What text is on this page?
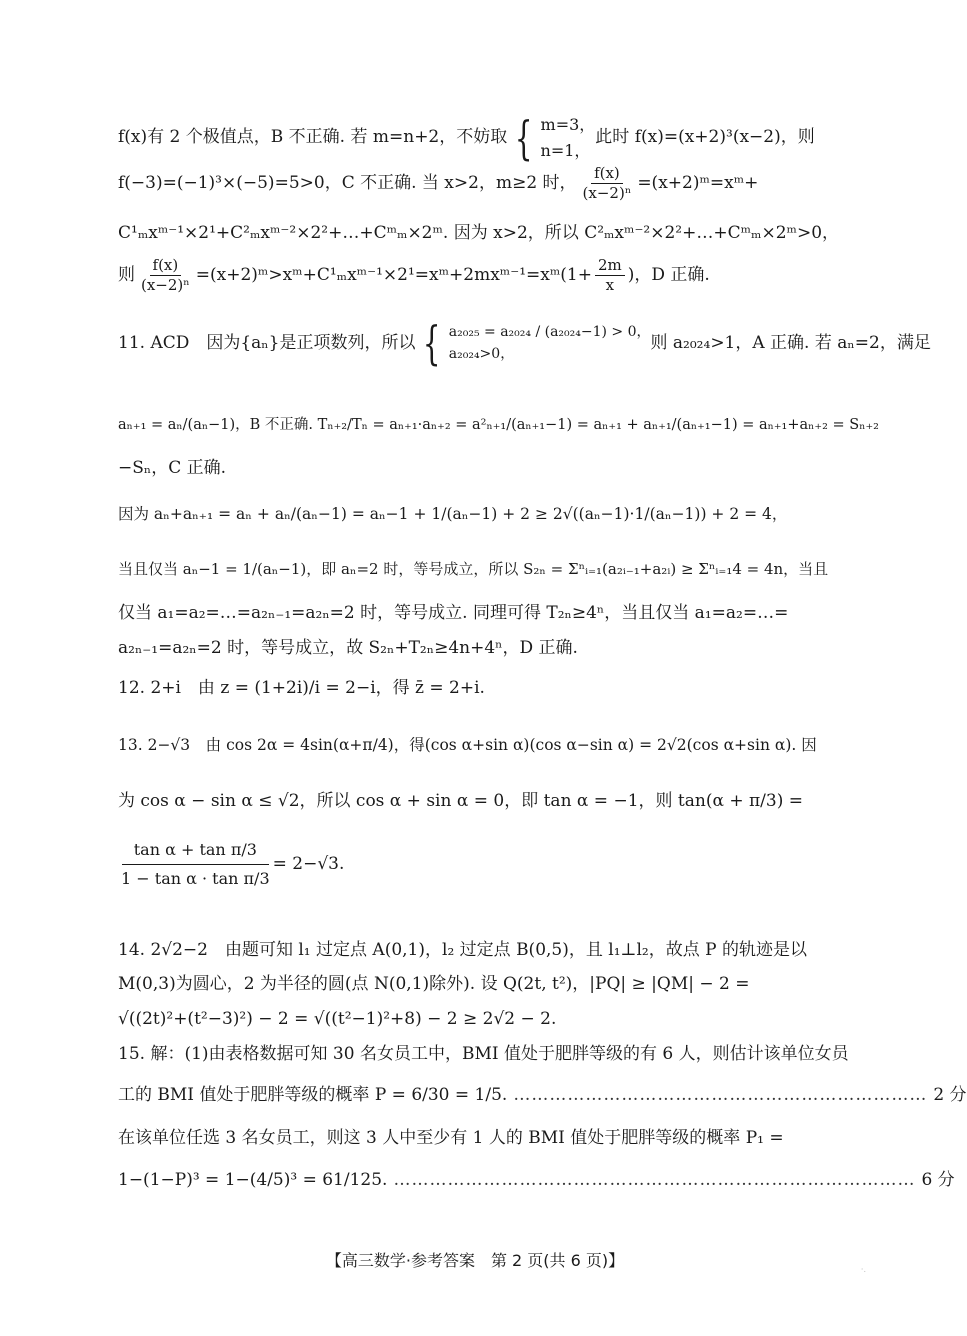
f(x)有 2 个极值点，B 不正确. 若 m=n+2，不妨取 { m=3，
n=1，
此时 f(x)=(x+2)³(x−2)，则
f(−3)=(−1)³×(−5)=5>0，C 不正确. 当 x>2，m≥2 时， $\frac{f(x)}{\text{(x−2)ⁿ}}$ =(x+2)ᵐ=xᵐ+
C¹ₘxᵐ⁻¹×2¹+C²ₘxᵐ⁻²×2²+…+Cᵐₘ×2ᵐ. 因为 x>2，所以 C²ₘxᵐ⁻²×2²+…+Cᵐₘ×2ᵐ>0，
则 $\frac{f(x)}{\text{(x−2)ⁿ}}$ =(x+2)ᵐ>xᵐ+C¹ₘxᵐ⁻¹×2¹=xᵐ+2mxᵐ⁻¹=xᵐ(1+ $\frac{2m}{x}$ )，D 正确.
11. ACD　因为{aₙ}是正项数列，所以 { a₂₀₂₅ = a₂₀₂₄ / (a₂₀₂₄−1) > 0，
a₂₀₂₄>0，
则 a₂₀₂₄>1，A 正确. 若 aₙ=2，满足
aₙ₊₁ = aₙ/(aₙ−1)，B 不正确. Tₙ₊₂/Tₙ = aₙ₊₁·aₙ₊₂ = a²ₙ₊₁/(aₙ₊₁−1) = aₙ₊₁ + aₙ₊₁/(aₙ₊₁−1) = aₙ₊₁+aₙ₊₂ = Sₙ₊₂
−Sₙ，C 正确.
因为 aₙ+aₙ₊₁ = aₙ + aₙ/(aₙ−1) = aₙ−1 + 1/(aₙ−1) + 2 ≥ 2√((aₙ−1)·1/(aₙ−1)) + 2 = 4，
当且仅当 aₙ−1 = 1/(aₙ−1)，即 aₙ=2 时，等号成立，所以 S₂ₙ = Σⁿᵢ₌₁(a₂ᵢ₋₁+a₂ᵢ) ≥ Σⁿᵢ₌₁4 = 4n，当且
仅当 a₁=a₂=…=a₂ₙ₋₁=a₂ₙ=2 时，等号成立. 同理可得 T₂ₙ≥4ⁿ，当且仅当 a₁=a₂=…=
a₂ₙ₋₁=a₂ₙ=2 时，等号成立，故 S₂ₙ+T₂ₙ≥4n+4ⁿ，D 正确.
12. 2+i　由 z = (1+2i)/i = 2−i，得 z̄ = 2+i.
13. 2−√3　由 cos 2α = 4sin(α+π/4)，得(cos α+sin α)(cos α−sin α) = 2√2(cos α+sin α). 因
为 cos α − sin α ≤ √2，所以 cos α + sin α = 0，即 tan α = −1，则 tan(α + π/3) =
$\frac{\text{tan α + tan π/3}}{\text{1 − tan α · tan π/3}} = 2-√3$.
14. 2√2−2　由题可知 l₁ 过定点 A(0,1)，l₂ 过定点 B(0,5)，且 l₁⊥l₂，故点 P 的轨迹是以
M(0,3)为圆心，2 为半径的圆(点 N(0,1)除外). 设 Q(2t, t²)，|PQ| ≥ |QM| − 2 =
√((2t)²+(t²−3)²) − 2 = √((t²−1)²+8) − 2 ≥ 2√2 − 2.
15. 解：(1)由表格数据可知 30 名女员工中，BMI 值处于肥胖等级的有 6 人，则估计该单位女员
工的 BMI 值处于肥胖等级的概率 P = 6/30 = 1/5. …………………………………………………………… 2 分
在该单位任选 3 名女员工，则这 3 人中至少有 1 人的 BMI 值处于肥胖等级的概率 P₁ =
1−(1−P)³ = 1−(4/5)³ = 61/125. …………………………………………………………………………… 6 分
【高三数学·参考答案　第 2 页(共 6 页)】	·.
